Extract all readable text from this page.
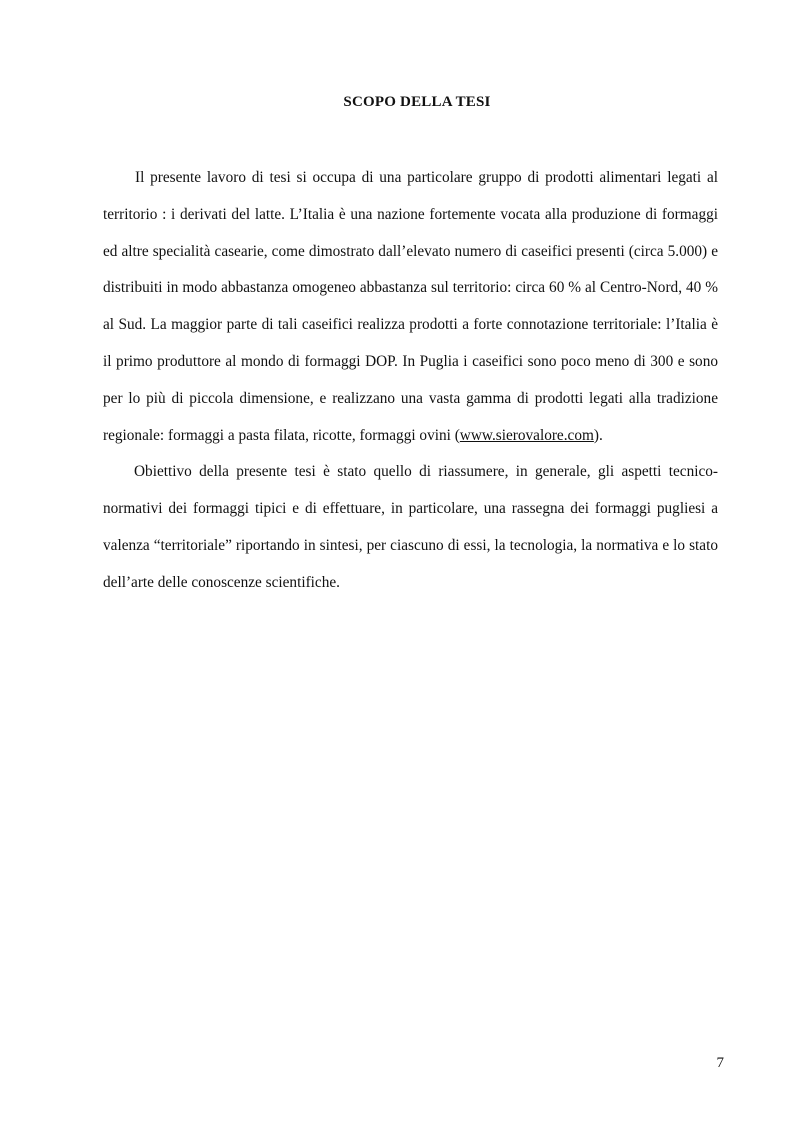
SCOPO DELLA TESI

Il presente lavoro di tesi si occupa di una particolare gruppo di prodotti alimentari legati al territorio : i derivati del latte. L’Italia è una nazione fortemente vocata alla produzione di formaggi ed altre specialità casearie, come dimostrato dall’elevato numero di caseifici presenti (circa 5.000) e distribuiti in modo abbastanza omogeneo abbastanza sul territorio: circa 60 % al Centro-Nord, 40 % al Sud. La maggior parte di tali caseifici realizza prodotti a forte connotazione territoriale: l’Italia è il primo produttore al mondo di formaggi DOP. In Puglia i caseifici sono poco meno di 300 e sono per lo più di piccola dimensione, e realizzano una vasta gamma di prodotti legati alla tradizione regionale: formaggi a pasta filata, ricotte, formaggi ovini (www.sierovalore.com).

Obiettivo della presente tesi è stato quello di riassumere, in generale, gli aspetti tecnico-normativi dei formaggi tipici e di effettuare, in particolare, una rassegna dei formaggi pugliesi a valenza “territoriale” riportando in sintesi, per ciascuno di essi, la tecnologia, la normativa e lo stato dell’arte delle conoscenze scientifiche.

7
